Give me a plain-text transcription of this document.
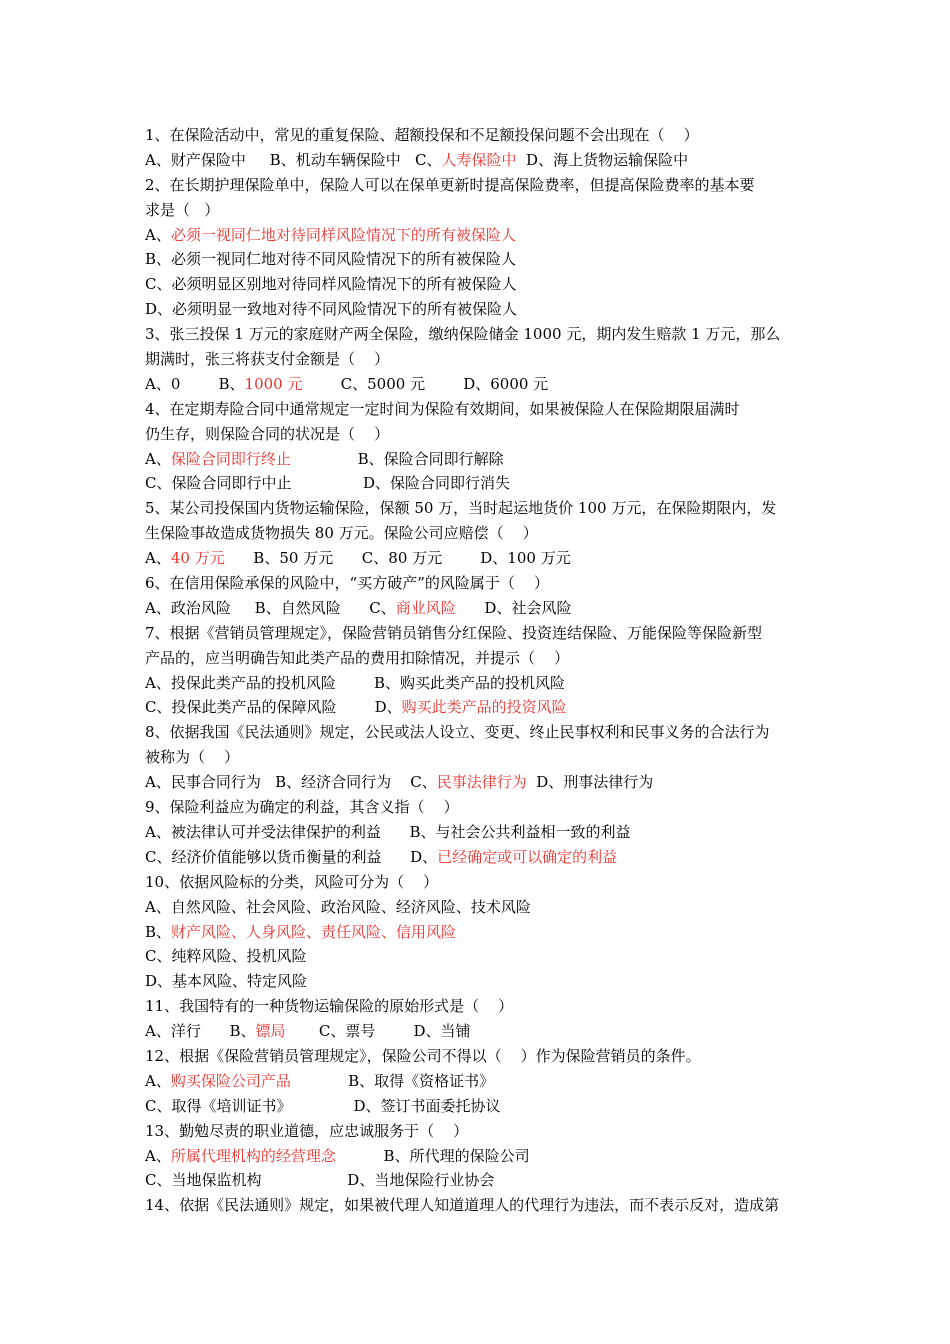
1、在保险活动中，常见的重复保险、超额投保和不足额投保问题不会出现在（    ）
A、财产保险中     B、机动车辆保险中   C、人寿保险中  D、海上货物运输保险中
2、在长期护理保险单中，保险人可以在保单更新时提高保险费率，但提高保险费率的基本要
求是（   ）
A、必须一视同仁地对待同样风险情况下的所有被保险人
B、必须一视同仁地对待不同风险情况下的所有被保险人
C、必须明显区别地对待同样风险情况下的所有被保险人
D、必须明显一致地对待不同风险情况下的所有被保险人
3、张三投保 1 万元的家庭财产两全保险，缴纳保险储金 1000 元，期内发生赔款 1 万元，那么
期满时，张三将获支付金额是（    ）
A、0        B、1000 元        C、5000 元        D、6000 元
4、在定期寿险合同中通常规定一定时间为保险有效期间，如果被保险人在保险期限届满时
仍生存，则保险合同的状况是（    ）
A、保险合同即行终止              B、保险合同即行解除
C、保险合同即行中止               D、保险合同即行消失
5、某公司投保国内货物运输保险，保额 50 万，当时起运地货价 100 万元，在保险期限内，发
生保险事故造成货物损失 80 万元。保险公司应赔偿（    ）
A、40 万元      B、50 万元      C、80 万元        D、100 万元
6、在信用保险承保的风险中，“买方破产”的风险属于（    ）
A、政治风险     B、自然风险      C、商业风险      D、社会风险
7、根据《营销员管理规定》，保险营销员销售分红保险、投资连结保险、万能保险等保险新型
产品的，应当明确告知此类产品的费用扣除情况，并提示（    ）
A、投保此类产品的投机风险        B、购买此类产品的投机风险
C、投保此类产品的保障风险        D、购买此类产品的投资风险
8、依据我国《民法通则》规定，公民或法人设立、变更、终止民事权利和民事义务的合法行为
被称为（    ）
A、民事合同行为   B、经济合同行为    C、民事法律行为  D、刑事法律行为
9、保险利益应为确定的利益，其含义指（    ）
A、被法律认可并受法律保护的利益      B、与社会公共利益相一致的利益
C、经济价值能够以货币衡量的利益      D、已经确定或可以确定的利益
10、依据风险标的分类，风险可分为（    ）
A、自然风险、社会风险、政治风险、经济风险、技术风险
B、财产风险、人身风险、责任风险、信用风险
C、纯粹风险、投机风险
D、基本风险、特定风险
11、我国特有的一种货物运输保险的原始形式是（    ）
A、洋行      B、镖局       C、票号        D、当铺
12、根据《保险营销员管理规定》，保险公司不得以（    ）作为保险营销员的条件。
A、购买保险公司产品            B、取得《资格证书》
C、取得《培训证书》             D、签订书面委托协议
13、勤勉尽责的职业道德，应忠诚服务于（    ）
A、所属代理机构的经营理念          B、所代理的保险公司
C、当地保监机构                  D、当地保险行业协会
14、依据《民法通则》规定，如果被代理人知道道理人的代理行为违法，而不表示反对，造成第
